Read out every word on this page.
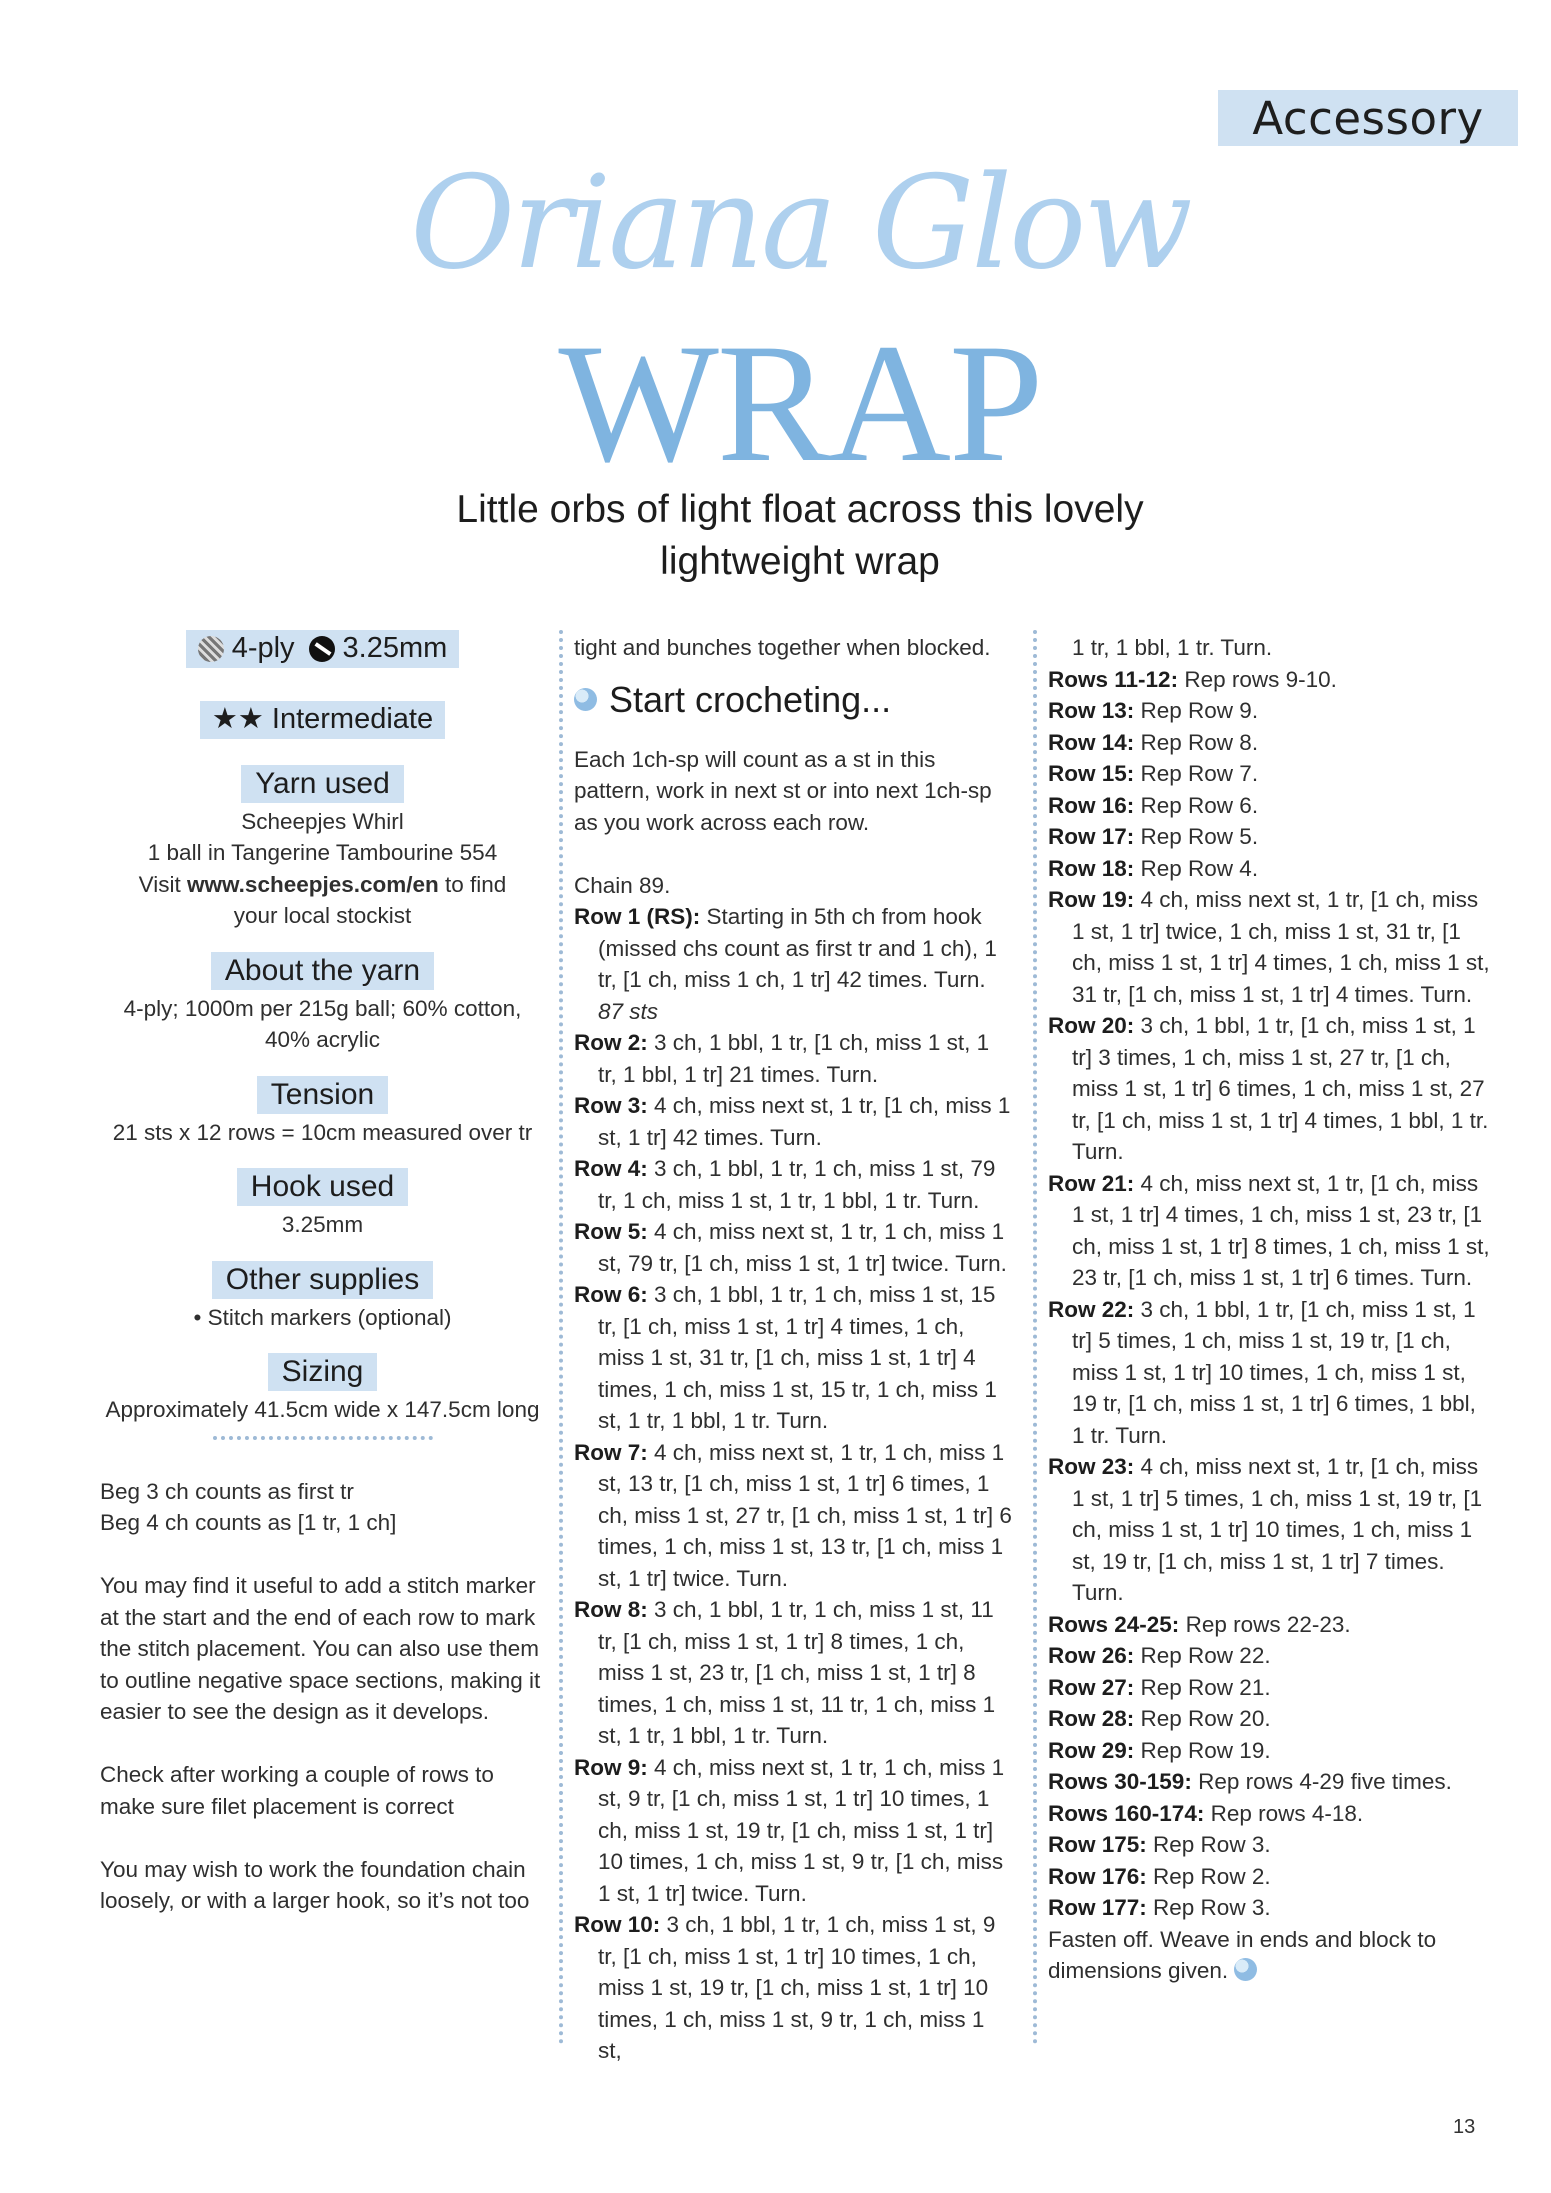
Accessory
Oriana Glow
WRAP
Little orbs of light float across this lovely lightweight wrap
4-ply 3.25mm
★★ Intermediate
Yarn used

Scheepjes Whirl

1 ball in Tangerine Tambourine 554

Visit www.scheepjes.com/en to find

your local stockist

About the yarn

4-ply; 1000m per 215g ball; 60% cotton,

40% acrylic

Tension

21 sts x 12 rows = 10cm measured over tr

Hook used

3.25mm

Other supplies

• Stitch markers (optional)

Sizing

Approximately 41.5cm wide x 147.5cm long

Beg 3 ch counts as first tr

Beg 4 ch counts as [1 tr, 1 ch]

You may find it useful to add a stitch marker at the start and the end of each row to mark the stitch placement. You can also use them to outline negative space sections, making it easier to see the design as it develops.

Check after working a couple of rows to make sure filet placement is correct

You may wish to work the foundation chain loosely, or with a larger hook, so it’s not too

tight and bunches together when blocked.

Start crocheting...

Each 1ch-sp will count as a st in this pattern, work in next st or into next 1ch-sp as you work across each row.

Chain 89.

Row 1 (RS): Starting in 5th ch from hook (missed chs count as first tr and 1 ch), 1 tr, [1 ch, miss 1 ch, 1 tr] 42 times. Turn.
87 sts

Row 2: 3 ch, 1 bbl, 1 tr, [1 ch, miss 1 st, 1 tr, 1 bbl, 1 tr] 21 times. Turn.

Row 3: 4 ch, miss next st, 1 tr, [1 ch, miss 1 st, 1 tr] 42 times. Turn.

Row 4: 3 ch, 1 bbl, 1 tr, 1 ch, miss 1 st, 79 tr, 1 ch, miss 1 st, 1 tr, 1 bbl, 1 tr. Turn.

Row 5: 4 ch, miss next st, 1 tr, 1 ch, miss 1 st, 79 tr, [1 ch, miss 1 st, 1 tr] twice. Turn.

Row 6: 3 ch, 1 bbl, 1 tr, 1 ch, miss 1 st, 15 tr, [1 ch, miss 1 st, 1 tr] 4 times, 1 ch, miss 1 st, 31 tr, [1 ch, miss 1 st, 1 tr] 4 times, 1 ch, miss 1 st, 15 tr, 1 ch, miss 1 st, 1 tr, 1 bbl, 1 tr. Turn.

Row 7: 4 ch, miss next st, 1 tr, 1 ch, miss 1 st, 13 tr, [1 ch, miss 1 st, 1 tr] 6 times, 1 ch, miss 1 st, 27 tr, [1 ch, miss 1 st, 1 tr] 6 times, 1 ch, miss 1 st, 13 tr, [1 ch, miss 1 st, 1 tr] twice. Turn.

Row 8: 3 ch, 1 bbl, 1 tr, 1 ch, miss 1 st, 11 tr, [1 ch, miss 1 st, 1 tr] 8 times, 1 ch, miss 1 st, 23 tr, [1 ch, miss 1 st, 1 tr] 8 times, 1 ch, miss 1 st, 11 tr, 1 ch, miss 1 st, 1 tr, 1 bbl, 1 tr. Turn.

Row 9: 4 ch, miss next st, 1 tr, 1 ch, miss 1 st, 9 tr, [1 ch, miss 1 st, 1 tr] 10 times, 1 ch, miss 1 st, 19 tr, [1 ch, miss 1 st, 1 tr] 10 times, 1 ch, miss 1 st, 9 tr, [1 ch, miss 1 st, 1 tr] twice. Turn.

Row 10: 3 ch, 1 bbl, 1 tr, 1 ch, miss 1 st, 9 tr, [1 ch, miss 1 st, 1 tr] 10 times, 1 ch, miss 1 st, 19 tr, [1 ch, miss 1 st, 1 tr] 10 times, 1 ch, miss 1 st, 9 tr, 1 ch, miss 1 st,

1 tr, 1 bbl, 1 tr. Turn.

Rows 11-12: Rep rows 9-10.

Row 13: Rep Row 9.

Row 14: Rep Row 8.

Row 15: Rep Row 7.

Row 16: Rep Row 6.

Row 17: Rep Row 5.

Row 18: Rep Row 4.

Row 19: 4 ch, miss next st, 1 tr, [1 ch, miss 1 st, 1 tr] twice, 1 ch, miss 1 st, 31 tr, [1 ch, miss 1 st, 1 tr] 4 times, 1 ch, miss 1 st, 31 tr, [1 ch, miss 1 st, 1 tr] 4 times. Turn.

Row 20: 3 ch, 1 bbl, 1 tr, [1 ch, miss 1 st, 1 tr] 3 times, 1 ch, miss 1 st, 27 tr, [1 ch, miss 1 st, 1 tr] 6 times, 1 ch, miss 1 st, 27 tr, [1 ch, miss 1 st, 1 tr] 4 times, 1 bbl, 1 tr. Turn.

Row 21: 4 ch, miss next st, 1 tr, [1 ch, miss 1 st, 1 tr] 4 times, 1 ch, miss 1 st, 23 tr, [1 ch, miss 1 st, 1 tr] 8 times, 1 ch, miss 1 st, 23 tr, [1 ch, miss 1 st, 1 tr] 6 times. Turn.

Row 22: 3 ch, 1 bbl, 1 tr, [1 ch, miss 1 st, 1 tr] 5 times, 1 ch, miss 1 st, 19 tr, [1 ch, miss 1 st, 1 tr] 10 times, 1 ch, miss 1 st, 19 tr, [1 ch, miss 1 st, 1 tr] 6 times, 1 bbl, 1 tr. Turn.

Row 23: 4 ch, miss next st, 1 tr, [1 ch, miss 1 st, 1 tr] 5 times, 1 ch, miss 1 st, 19 tr, [1 ch, miss 1 st, 1 tr] 10 times, 1 ch, miss 1 st, 19 tr, [1 ch, miss 1 st, 1 tr] 7 times. Turn.

Rows 24-25: Rep rows 22-23.

Row 26: Rep Row 22.

Row 27: Rep Row 21.

Row 28: Rep Row 20.

Row 29: Rep Row 19.

Rows 30-159: Rep rows 4-29 five times.

Rows 160-174: Rep rows 4-18.

Row 175: Rep Row 3.

Row 176: Rep Row 2.

Row 177: Rep Row 3.

Fasten off. Weave in ends and block to dimensions given.

13
